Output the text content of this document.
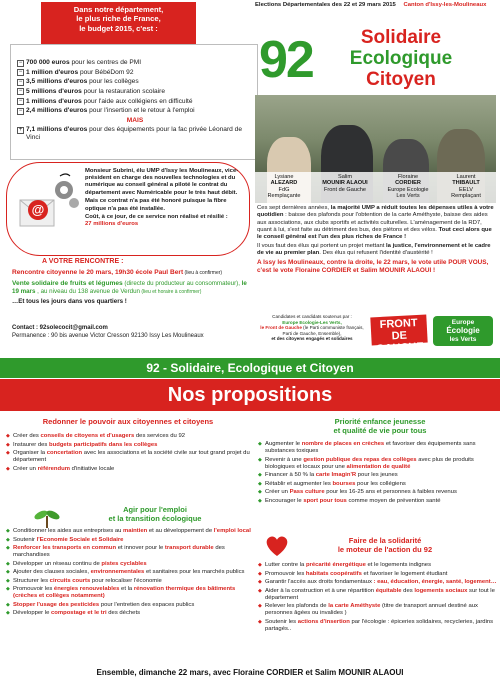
Dans notre département,
le plus riche de France,
le budget 2015, c'est :
− 700 000 euros pour les centres de PMI
− 1 million d'euros pour BébéDom 92
− 3,5 millions d'euros pour les collèges
− 5 millions d'euros pour la restauration scolaire
− 1 millions d'euros pour l'aide aux collégiens en difficulté
− 2,4 millions d'euros pour l'insertion et le retour à l'emploi
MAIS
+ 7,1 millions d'euros pour des équipements pour la fac privée Léonard de Vinci

Monsieur Subrini, élu UMP d'Issy les Moulineaux, vice-président en charge des nouvelles technologies et du numérique au conseil général a piloté le contrat du département avec Numéricable pour le très haut débit.

Mais ce contrat n'a pas été honoré puisque la fibre optique n'a pas été installée.

Coût, à ce jour, de ce service non réalisé et résilié :

27 millions d'euros

@
A VOTRE RENCONTRE :
Rencontre citoyenne le 20 mars, 19h30 école Paul Bert (lieu à confirmer)
Vente solidaire de fruits et légumes (directe du producteur au consommateur), le 19 mars , au niveau du 138 avenue de Verdun (lieu et horaire à confirmer)
…Et tous les jours dans vos quartiers !
Contact : 92solecocit@gmail.com
Permanence : 90 bis avenue Victor Cresson 92130 Issy Les Moulineaux
Elections Départementales des 22 et 29 mars 2015 Canton d'Issy-les-Moulineaux
92	Solidaire
Ecologique
Citoyen
Lysiane
ALEZARD
FdG
Remplaçante
Salim
MOUNIR ALAOUI
Front de Gauche
Floraine
CORDIER
Europe Ecologie
Les Verts
Laurent
THIBAULT
EELV
Remplaçant

Ces sept dernières années, la majorité UMP a réduit toutes les dépenses utiles à votre quotidien : baisse des plafonds pour l'obtention de la carte Améthyste, baisse des aides aux associations, aux clubs sportifs et activités culturelles. L'aménagement de la RD7, quant à lui, s'est faite au détriment des bus, des piétons et des vélos. Tout ceci alors que le conseil général est l'un des plus riches de France !

Il vous faut des élus qui portent un projet mettant la justice, l'environnement et le cadre de vie au premier plan. Des élus qui refusent l'identité d'austérité !

A Issy les Moulineaux, contre la droite, le 22 mars, le vote utile POUR VOUS, c'est le vote Floraine CORDIER et Salim MOUNIR ALAOUI !

Candidates et candidats soutenus par :
Europe Ecologie-Les Verts,
le Front de Gauche (le Parti communiste français, Parti de Gauche, Ensemble),
et des citoyens engagés et solidaires
FRONT DE GAUCHE
Europe
Écologie
les Verts
92 - Solidaire, Ecologique et Citoyen
Nos propositions
Redonner le pouvoir aux citoyennes et citoyens
◆ Créer des conseils de citoyens et d'usagers des services du 92
◆ Instaurer des budgets participatifs dans les collèges
◆ Organiser la concertation avec les associations et la société civile sur tout grand projet du département
◆ Créer un référendum d'initiative locale
Agir pour l'emploi
et la transition écologique
◆ Conditionner les aides aux entreprises au maintien et au développement de l'emploi local
◆ Soutenir l'Economie Sociale et Solidaire
◆ Renforcer les transports en commun et innover pour le transport durable des marchandises
◆ Développer un réseau continu de pistes cyclables
◆ Ajouter des clauses sociales, environnementales et sanitaires pour les marchés publics
◆ Structurer les circuits courts pour relocaliser l'économie
◆ Promouvoir les énergies renouvelables et la rénovation thermique des bâtiments (crèches et collèges notamment)
◆ Stopper l'usage des pesticides pour l'entretien des espaces publics
◆ Développer le compostage et le tri des déchets
Priorité enfance jeunesse
et qualité de vie pour tous
◆ Augmenter le nombre de places en crèches et favoriser des équipements sans substances toxiques
◆ Revenir à une gestion publique des repas des collèges avec plus de produits biologiques et locaux pour une alimentation de qualité
◆ Financer à 50 % la carte Imagin'R pour les jeunes
◆ Rétablir et augmenter les bourses pour les collégiens
◆ Créer un Pass culture pour les 16-25 ans et personnes à faibles revenus
◆ Encourager le sport pour tous comme moyen de prévention santé
Faire de la solidarité
le moteur de l'action du 92
◆ Lutter contre la précarité énergétique et le logements indignes
◆ Promouvoir les habitats coopératifs et favoriser le logement étudiant
◆ Garantir l'accès aux droits fondamentaux : eau, éducation, énergie, santé, logement…
◆ Aider à la construction et à une répartition équitable des logements sociaux sur tout le département
◆ Relever les plafonds de la carte Améthyste (titre de transport annuel destiné aux personnes âgées ou invalides )
◆ Soutenir les actions d'insertion par l'écologie : épiceries solidaires, recycleries, jardins partagés..
Ensemble, dimanche 22 mars, avec Floraine CORDIER et Salim MOUNIR ALAOUI
